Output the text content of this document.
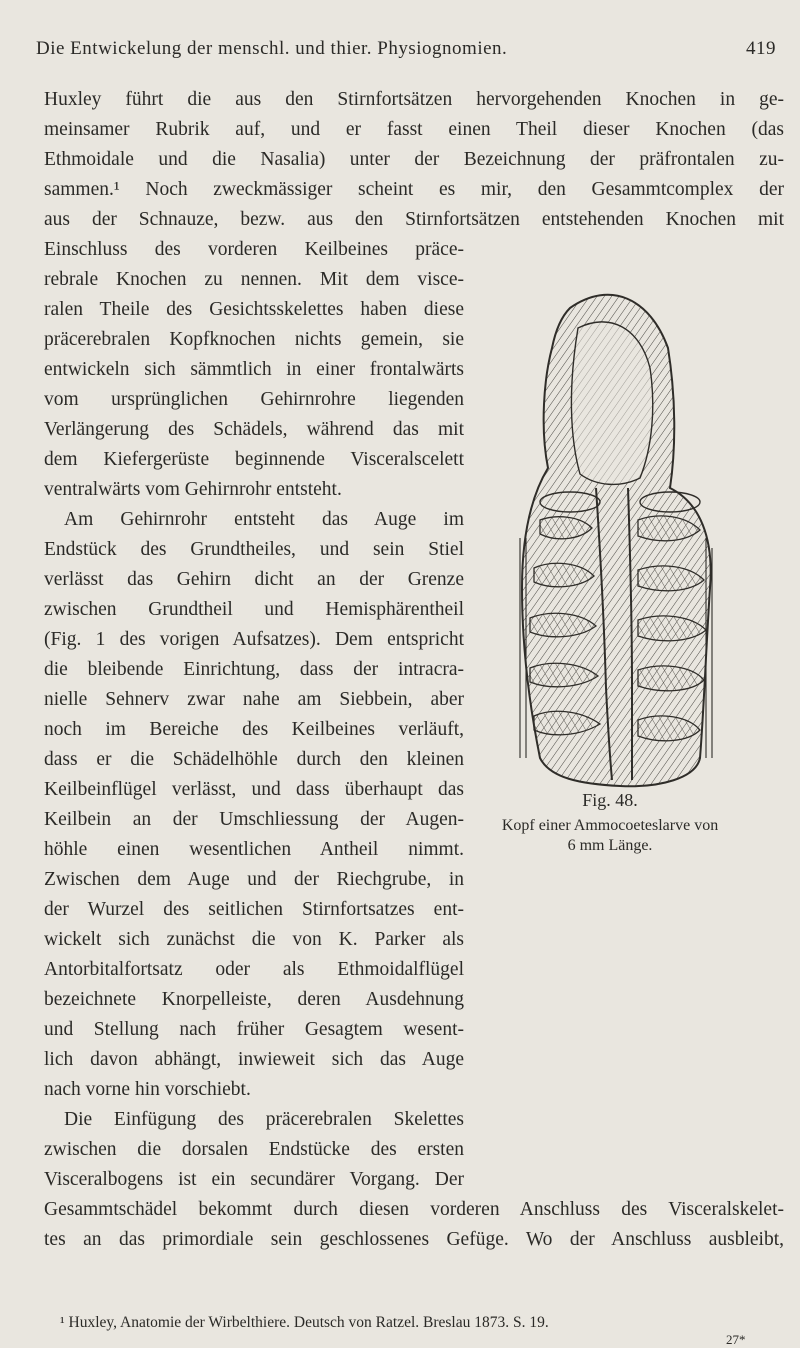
Die Entwickelung der menschl. und thier. Physiognomien.	419
Huxley führt die aus den Stirnfortsätzen hervorgehenden Knochen in ge-
meinsamer Rubrik auf, und er fasst einen Theil dieser Knochen (das
Ethmoidale und die Nasalia) unter der Bezeichnung der präfrontalen zu-
sammen.¹ Noch zweckmässiger scheint es mir, den Gesammtcomplex der
aus der Schnauze, bezw. aus den Stirnfortsätzen entstehenden Knochen mit
Einschluss des vorderen Keilbeines präce-
rebrale Knochen zu nennen. Mit dem visce-
ralen Theile des Gesichtsskelettes haben diese
präcerebralen Kopfknochen nichts gemein, sie
entwickeln sich sämmtlich in einer frontalwärts
vom ursprünglichen Gehirnrohre liegenden
Verlängerung des Schädels, während das mit
dem Kiefergerüste beginnende Visceralscelett
ventralwärts vom Gehirnrohr entsteht.
Am Gehirnrohr entsteht das Auge im
Endstück des Grundtheiles, und sein Stiel
verlässt das Gehirn dicht an der Grenze
zwischen Grundtheil und Hemisphärentheil
(Fig. 1 des vorigen Aufsatzes). Dem entspricht
die bleibende Einrichtung, dass der intracra-
nielle Sehnerv zwar nahe am Siebbein, aber
noch im Bereiche des Keilbeines verläuft,
dass er die Schädelhöhle durch den kleinen
Keilbeinflügel verlässt, und dass überhaupt das
Keilbein an der Umschliessung der Augen-
höhle einen wesentlichen Antheil nimmt.
Zwischen dem Auge und der Riechgrube, in
der Wurzel des seitlichen Stirnfortsatzes ent-
wickelt sich zunächst die von K. Parker als
Antorbitalfortsatz oder als Ethmoidalflügel
bezeichnete Knorpelleiste, deren Ausdehnung
und Stellung nach früher Gesagtem wesent-
lich davon abhängt, inwieweit sich das Auge
nach vorne hin vorschiebt.
Die Einfügung des präcerebralen Skelettes
zwischen die dorsalen Endstücke des ersten
Visceralbogens ist ein secundärer Vorgang. Der
Gesammtschädel bekommt durch diesen vorderen Anschluss des Visceralskelet-
tes an das primordiale sein geschlossenes Gefüge. Wo der Anschluss ausbleibt,
Fig. 48.
Kopf einer Ammocoeteslarve von
6 mm Länge.
¹ Huxley, Anatomie der Wirbelthiere. Deutsch von Ratzel. Breslau 1873. S. 19.
27*
